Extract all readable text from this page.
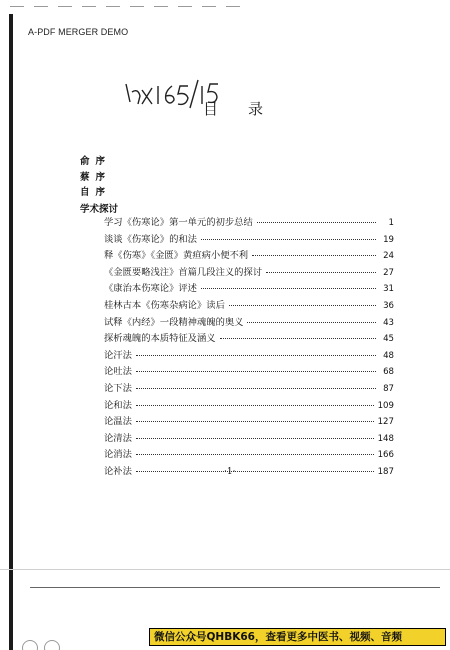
A-PDF MERGER DEMO
目录
俞序
蔡序
自序
学术探讨
学习《伤寒论》第一单元的初步总结	1
谈谈《伤寒论》的和法	19
释《伤寒》《金匮》黄疸病小便不利	24
《金匮要略浅注》首篇几段注义的探讨	27
《康治本伤寒论》评述	31
桂林古本《伤寒杂病论》读后	36
试释《内经》一段精神魂魄的奥义	43
探析魂魄的本质特征及涵义	45
论汗法	48
论吐法	68
论下法	87
论和法	109
论温法	127
论清法	148
论消法	166
论补法	187
·1·
微信公众号QHBK66，查看更多中医书、视频、音频
